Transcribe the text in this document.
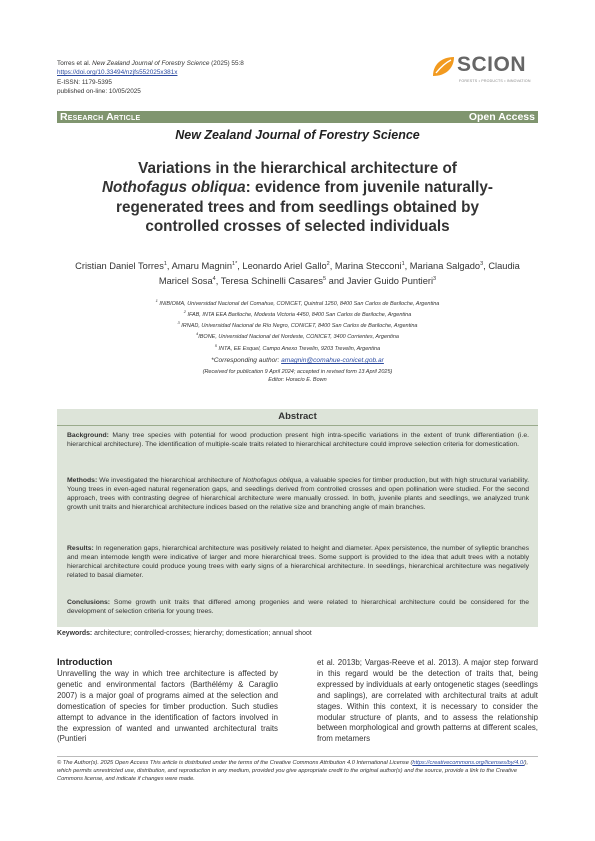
Torres et al. New Zealand Journal of Forestry Science (2025) 55:8
https://doi.org/10.33494/nzjfs552025x381x
E-ISSN: 1179-5395
published on-line: 10/05/2025
SCION
FORESTS • PRODUCTS • INNOVATION
Research Article	Open Access
New Zealand Journal of Forestry Science
Variations in the hierarchical architecture of
Nothofagus obliqua: evidence from juvenile naturally-
regenerated trees and from seedlings obtained by
controlled crosses of selected individuals
Cristian Daniel Torres$^1$, Amaru Magnin$^{1*}$, Leonardo Ariel Gallo$^2$, Marina Stecconi$^1$, Mariana Salgado$^3$, Claudia Maricel Sosa$^4$, Teresa Schinelli Casares$^5$ and Javier Guido Puntieri$^3$
$^1$ INIBIOMA, Universidad Nacional del Comahue, CONICET, Quintral 1250, 8400 San Carlos de Bariloche, Argentina
$^2$ IFAB, INTA EEA Bariloche, Modesta Victoria 4450, 8400 San Carlos de Bariloche, Argentina
$^3$ IRNAD, Universidad Nacional de Río Negro, CONICET, 8400 San Carlos de Bariloche, Argentina
$^4$IBONE, Universidad Nacional del Nordeste, CONICET, 3400 Corrientes, Argentina
$^5$ INTA, EE Esquel, Campo Anexo Trevelin, 9203 Trevelin, Argentina
*Corresponding author: amagnin@comahue-conicet.gob.ar
(Received for publication 9 April 2024; accepted in revised form 13 April 2025)
Editor: Horacio E. Bown
Abstract
Background: Many tree species with potential for wood production present high intra-specific variations in the extent of trunk differentiation (i.e. hierarchical architecture). The identification of multiple-scale traits related to hierarchical architecture could improve selection criteria for domestication.
Methods: We investigated the hierarchical architecture of Nothofagus obliqua, a valuable species for timber production, but with high structural variability. Young trees in even-aged natural regeneration gaps, and seedlings derived from controlled crosses and open pollination were studied. For the second approach, trees with contrasting degree of hierarchical architecture were manually crossed. In both, juvenile plants and seedlings, we analyzed trunk growth unit traits and hierarchical architecture indices based on the relative size and branching angle of main branches.
Results: In regeneration gaps, hierarchical architecture was positively related to height and diameter. Apex persistence, the number of sylleptic branches and mean internode length were indicative of larger and more hierarchical trees. Some support is provided to the idea that adult trees with a notably hierarchical architecture could produce young trees with early signs of a hierarchical architecture. In seedlings, hierarchical architecture was negatively related to basal diameter.
Conclusions: Some growth unit traits that differed among progenies and were related to hierarchical architecture could be considered for the development of selection criteria for young trees.
Keywords: architecture; controlled-crosses; hierarchy; domestication; annual shoot
Introduction
Unravelling the way in which tree architecture is affected by genetic and environmental factors (Barthélémy & Caraglio 2007) is a major goal of programs aimed at the selection and domestication of species for timber production. Such studies attempt to advance in the identification of factors involved in the expression of wanted and unwanted architectural traits (Puntieri
et al. 2013b; Vargas-Reeve et al. 2013). A major step forward in this regard would be the detection of traits that, being expressed by individuals at early ontogenetic stages (seedlings and saplings), are correlated with architectural traits at adult stages. Within this context, it is necessary to consider the modular structure of plants, and to assess the relationship between morphological and growth patterns at different scales, from metamers
© The Author(s). 2025 Open Access This article is distributed under the terms of the Creative Commons Attribution 4.0 International License (https://creativecommons.org/licenses/by/4.0/), which permits unrestricted use, distribution, and reproduction in any medium, provided you give appropriate credit to the original author(s) and the source, provide a link to the Creative Commons license, and indicate if changes were made.
